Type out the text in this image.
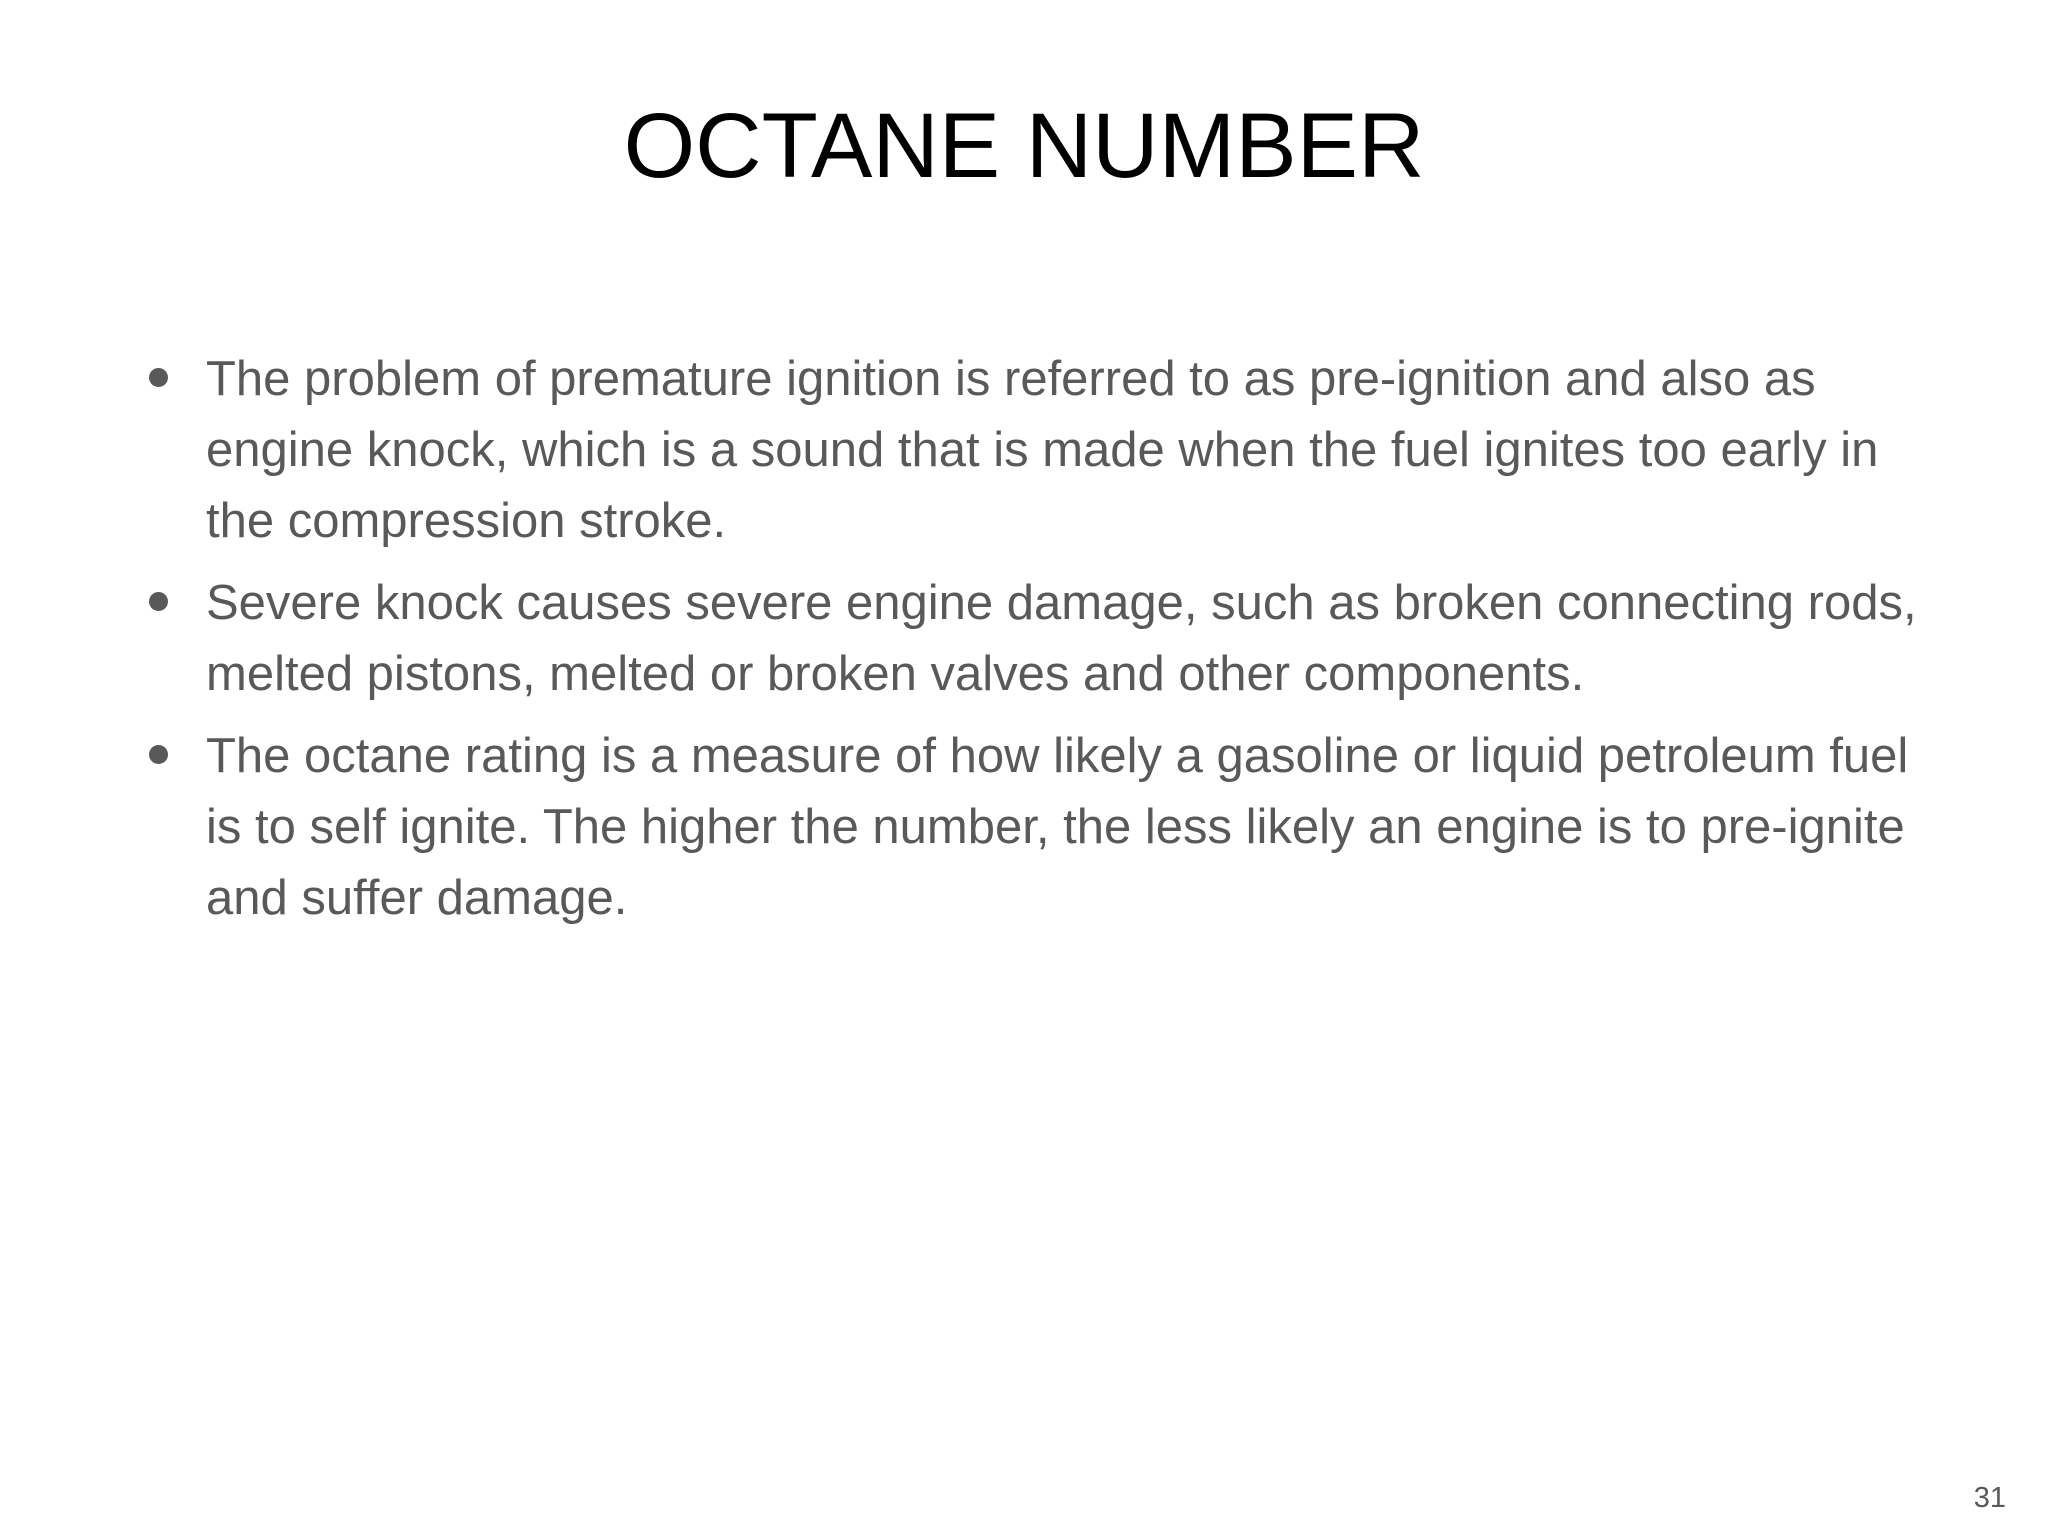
OCTANE NUMBER
The problem of premature ignition is referred to as pre-ignition and also as engine knock, which is a sound that is made when the fuel ignites too early in the compression stroke.
Severe knock causes severe engine damage, such as broken connecting rods, melted pistons, melted or broken valves and other components.
The octane rating is a measure of how likely a gasoline or liquid petroleum fuel is to self ignite. The higher the number, the less likely an engine is to pre-ignite and suffer damage.
31
